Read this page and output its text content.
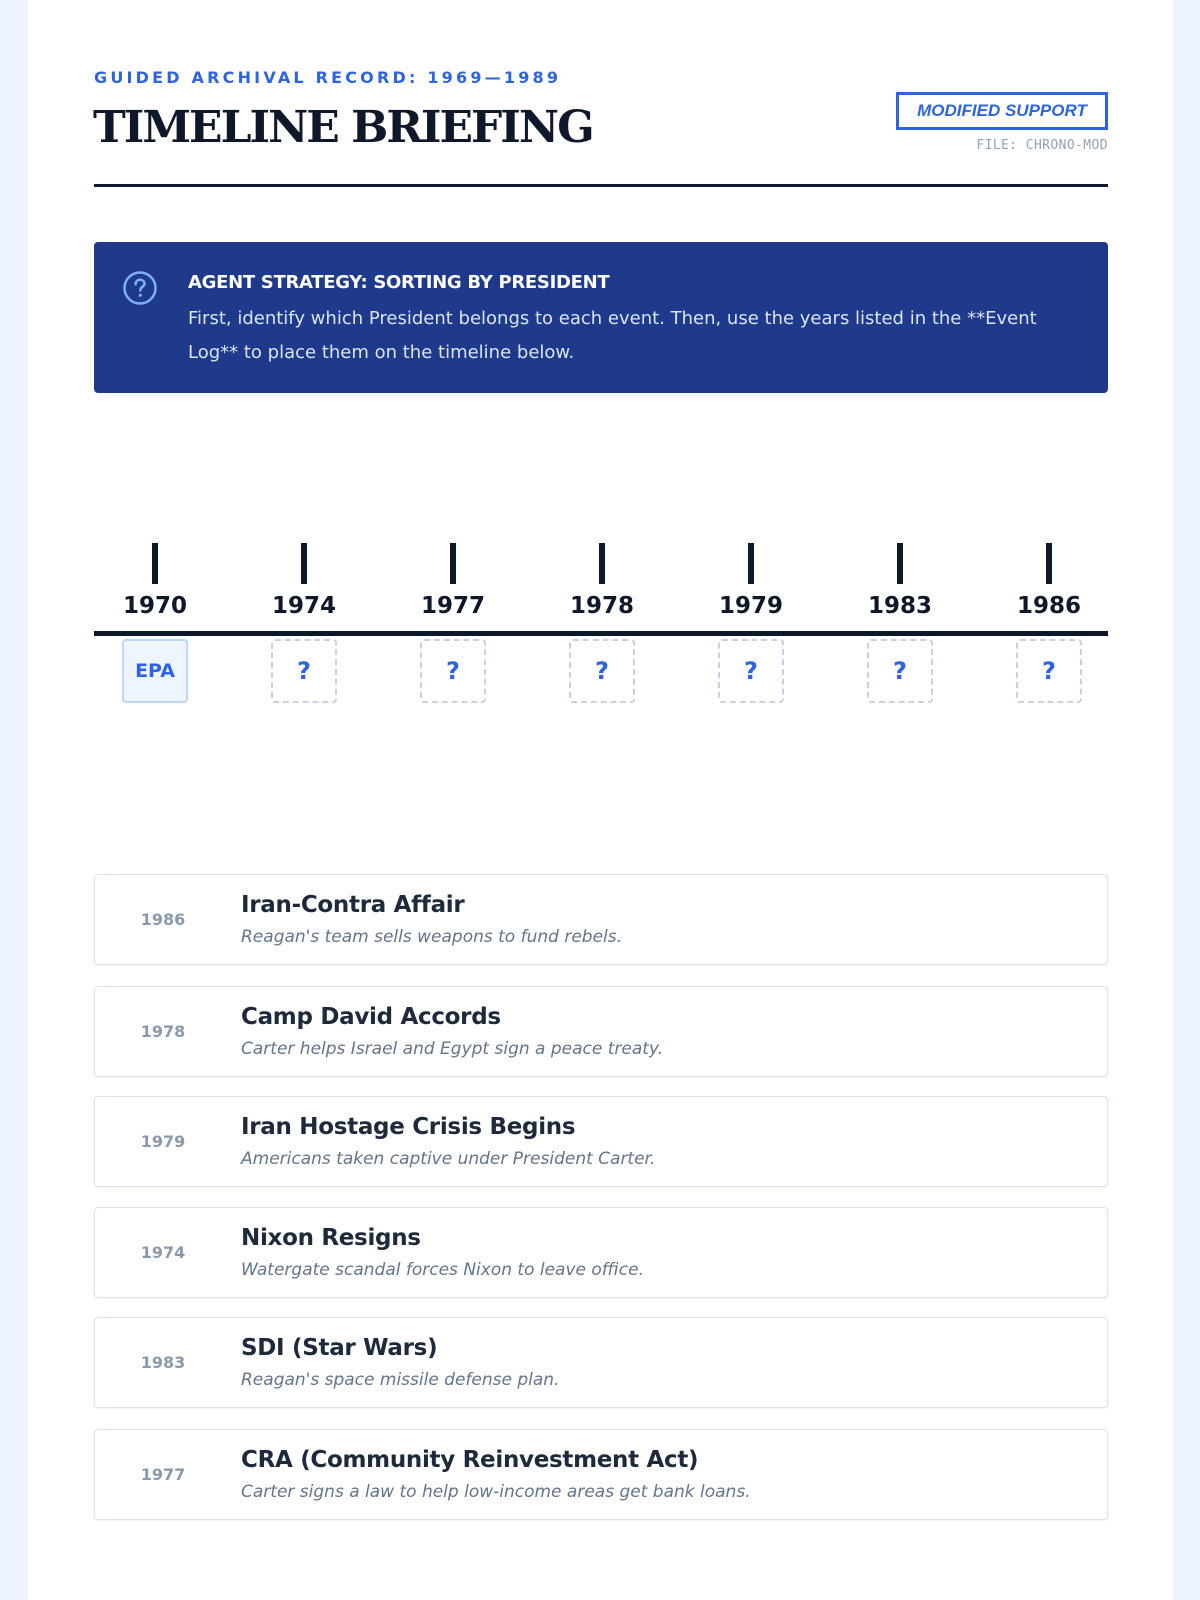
GUIDED ARCHIVAL RECORD: 1969—1989
TIMELINE BRIEFING	MODIFIED SUPPORT
FILE: CHRONO-MOD
AGENT STRATEGY: SORTING BY PRESIDENT
First, identify which President belongs to each event. Then, use the years listed in the **Event Log** to place them on the timeline below.
1970
EPA
1974
?
1977
?
1978
?
1979
?
1983
?
1986
?
1986
Iran-Contra Affair
Reagan's team sells weapons to fund rebels.
1978
Camp David Accords
Carter helps Israel and Egypt sign a peace treaty.
1979
Iran Hostage Crisis Begins
Americans taken captive under President Carter.
1974
Nixon Resigns
Watergate scandal forces Nixon to leave office.
1983
SDI (Star Wars)
Reagan's space missile defense plan.
1977
CRA (Community Reinvestment Act)
Carter signs a law to help low-income areas get bank loans.
